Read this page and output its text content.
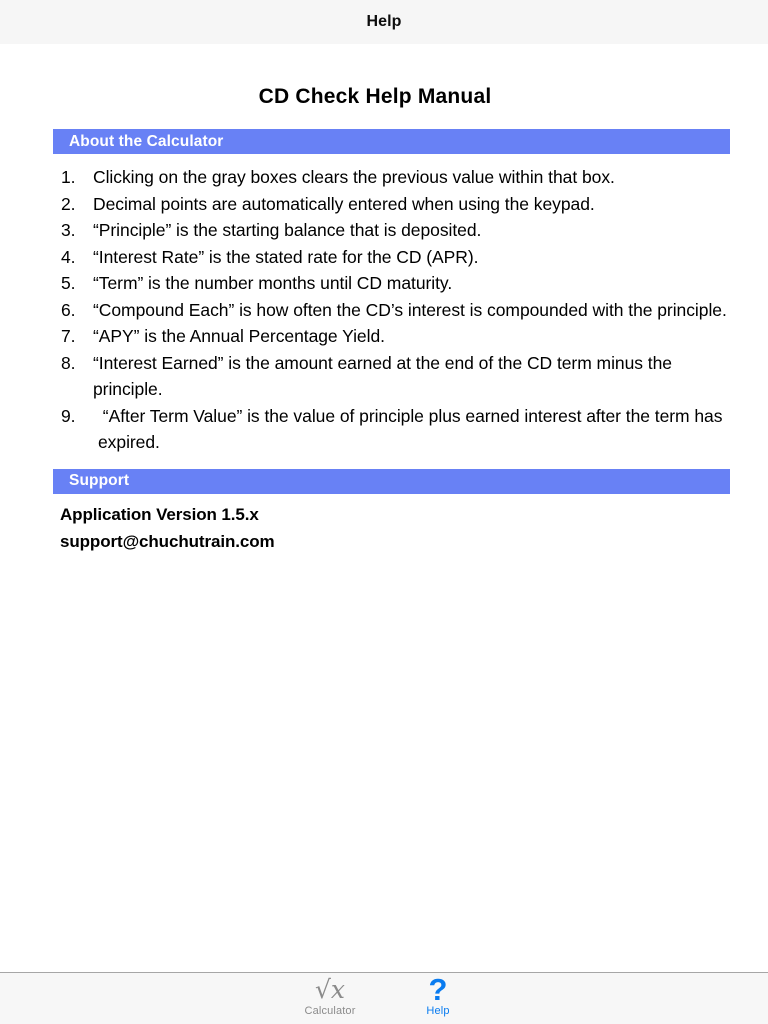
Help
CD Check Help Manual
About the Calculator
1.	Clicking on the gray boxes clears the previous value within that box.
2.	Decimal points are automatically entered when using the keypad.
3.	“Principle” is the starting balance that is deposited.
4.	“Interest Rate” is the stated rate for the CD (APR).
5.	“Term” is the number months until CD maturity.
6.	“Compound Each” is how often the CD’s interest is compounded with the principle.
7.	“APY” is the Annual Percentage Yield.
8.	“Interest Earned” is the amount earned at the end of the CD term minus the principle.
9.	“After Term Value” is the value of principle plus earned interest after the term has expired.
Support
Application Version 1.5.x
support@chuchutrain.com
√x
Calculator
?
Help
